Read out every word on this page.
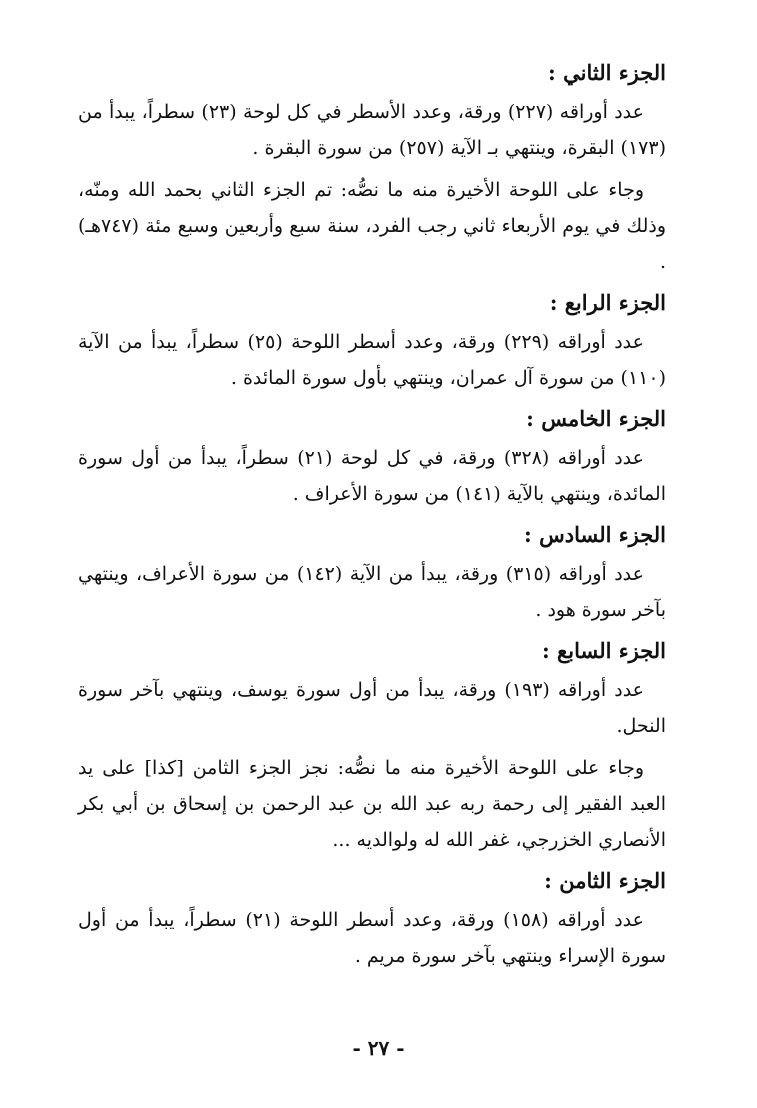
الجزء الثاني :

عدد أوراقه (٢٢٧) ورقة، وعدد الأسطر في كل لوحة (٢٣) سطراً، يبدأ من (١٧٣) البقرة، وينتهي بـ الآية (٢٥٧) من سورة البقرة .

وجاء على اللوحة الأخيرة منه ما نصُّه: تم الجزء الثاني بحمد الله ومنّه، وذلك في يوم الأربعاء ثاني رجب الفرد، سنة سبع وأربعين وسبع مئة (٧٤٧هـ) .

الجزء الرابع :

عدد أوراقه (٢٢٩) ورقة، وعدد أسطر اللوحة (٢٥) سطراً، يبدأ من الآية (١١٠) من سورة آل عمران، وينتهي بأول سورة المائدة .

الجزء الخامس :

عدد أوراقه (٣٢٨) ورقة، في كل لوحة (٢١) سطراً، يبدأ من أول سورة المائدة، وينتهي بالآية (١٤١) من سورة الأعراف .

الجزء السادس :

عدد أوراقه (٣١٥) ورقة، يبدأ من الآية (١٤٢) من سورة الأعراف، وينتهي بآخر سورة هود .

الجزء السابع :

عدد أوراقه (١٩٣) ورقة، يبدأ من أول سورة يوسف، وينتهي بآخر سورة النحل.

وجاء على اللوحة الأخيرة منه ما نصُّه: نجز الجزء الثامن [كذا] على يد العبد الفقير إلى رحمة ربه عبد الله بن عبد الرحمن بن إسحاق بن أبي بكر الأنصاري الخزرجي، غفر الله له ولوالديه ...

الجزء الثامن :

عدد أوراقه (١٥٨) ورقة، وعدد أسطر اللوحة (٢١) سطراً، يبدأ من أول سورة الإسراء وينتهي بآخر سورة مريم .

- ٢٧ -
